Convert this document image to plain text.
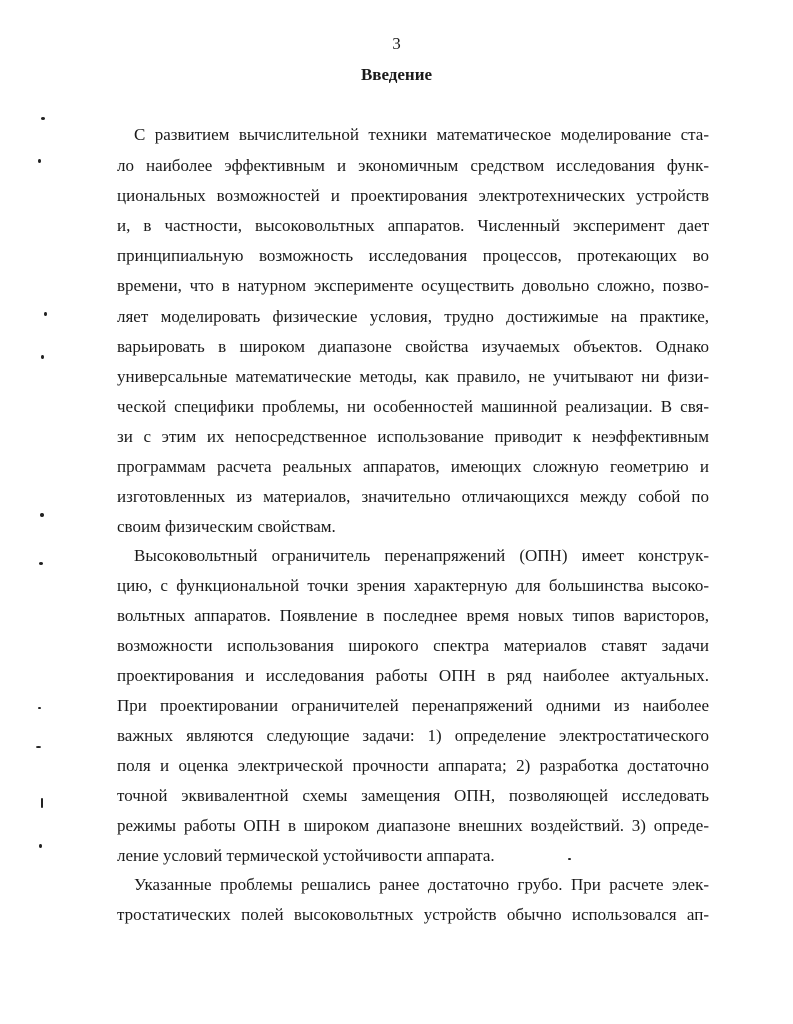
3
Введение
С развитием вычислительной техники математическое моделирование ста-
ло наиболее эффективным и экономичным средством исследования функ-
циональных возможностей и проектирования электротехнических устройств
и, в частности, высоковольтных аппаратов. Численный эксперимент дает
принципиальную возможность исследования процессов, протекающих во
времени, что в натурном эксперименте осуществить довольно сложно, позво-
ляет моделировать физические условия, трудно достижимые на практике,
варьировать в широком диапазоне свойства изучаемых объектов. Однако
универсальные математические методы, как правило, не учитывают ни физи-
ческой специфики проблемы, ни особенностей машинной реализации. В свя-
зи с этим их непосредственное использование приводит к неэффективным
программам расчета реальных аппаратов, имеющих сложную геометрию и
изготовленных из материалов, значительно отличающихся между собой по
своим физическим свойствам.
Высоковольтный ограничитель перенапряжений (ОПН) имеет конструк-
цию, с функциональной точки зрения характерную для большинства высоко-
вольтных аппаратов. Появление в последнее время новых типов варисторов,
возможности использования широкого спектра материалов ставят задачи
проектирования и исследования работы ОПН в ряд наиболее актуальных.
При проектировании ограничителей перенапряжений одними из наиболее
важных являются следующие задачи: 1) определение электростатического
поля и оценка электрической прочности аппарата; 2) разработка достаточно
точной эквивалентной схемы замещения ОПН, позволяющей исследовать
режимы работы ОПН в широком диапазоне внешних воздействий. 3) опреде-
ление условий термической устойчивости аппарата.
Указанные проблемы решались ранее достаточно грубо. При расчете элек-
тростатических полей высоковольтных устройств обычно использовался ап-
